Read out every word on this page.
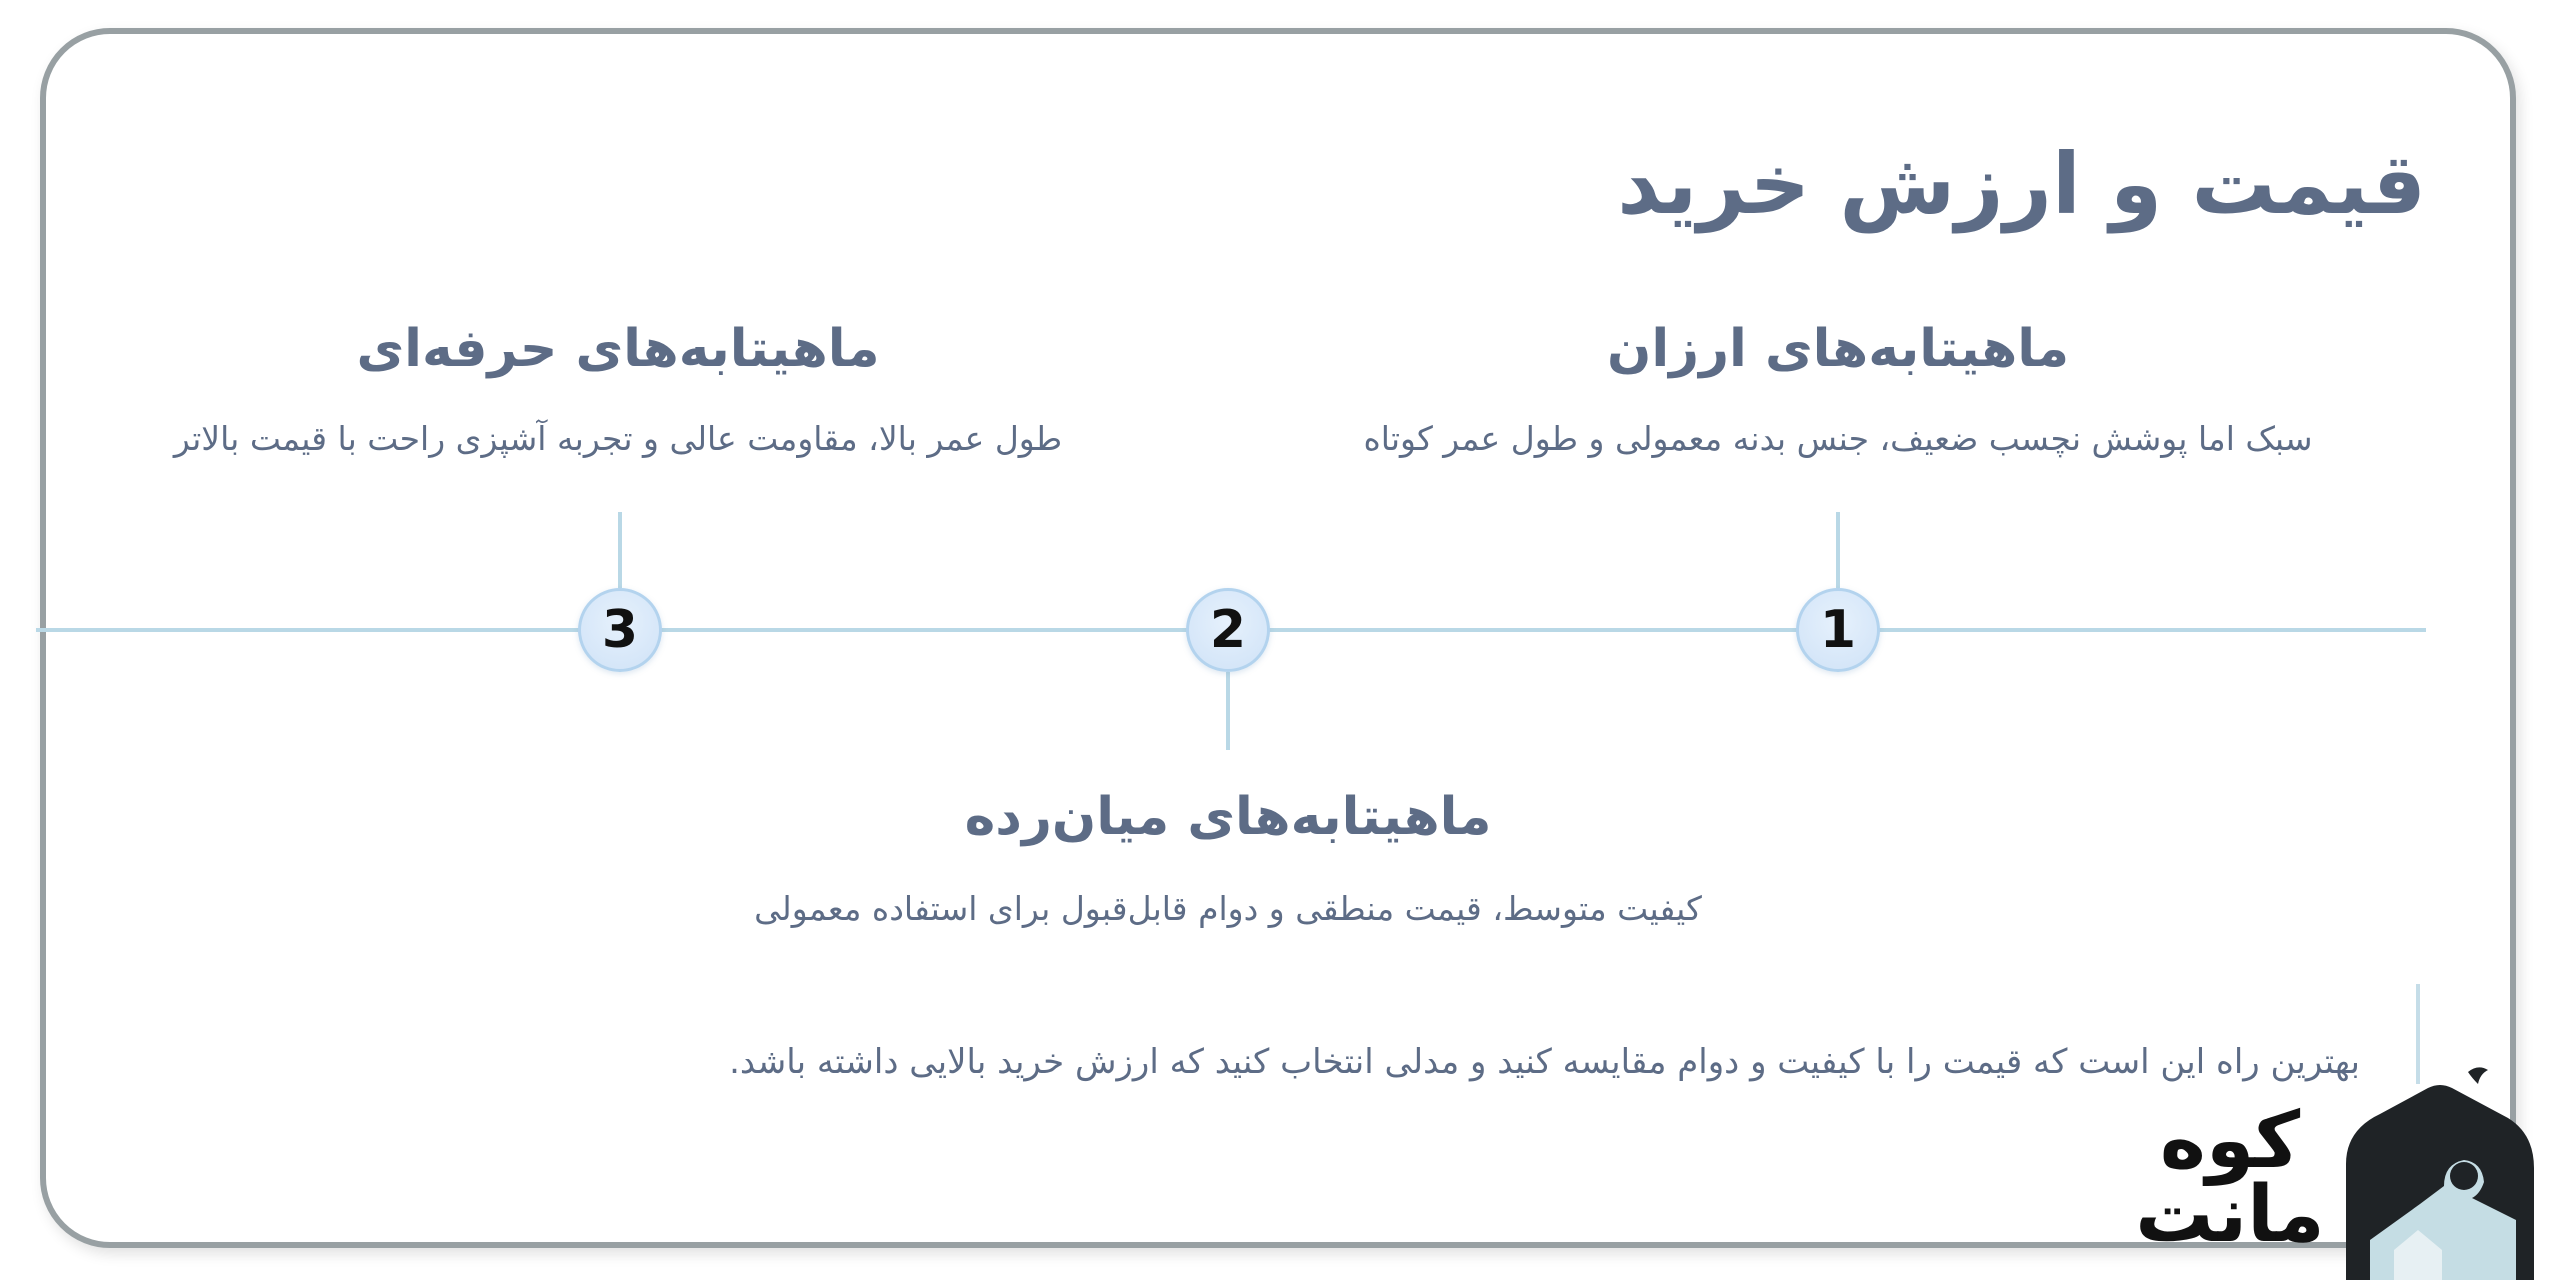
قیمت و ارزش خرید
1
ماهیتابه‌های ارزان

سبک اما پوشش نچسب ضعیف، جنس بدنه معمولی و طول عمر کوتاه

2
ماهیتابه‌های میان‌رده

کیفیت متوسط، قیمت منطقی و دوام قابل‌قبول برای استفاده معمولی

3
ماهیتابه‌های حرفه‌ای

طول عمر بالا، مقاومت عالی و تجربه آشپزی راحت با قیمت بالاتر

بهترین راه این است که قیمت را با کیفیت و دوام مقایسه کنید و مدلی انتخاب کنید که ارزش خرید بالایی داشته باشد.

کوه
مانت
